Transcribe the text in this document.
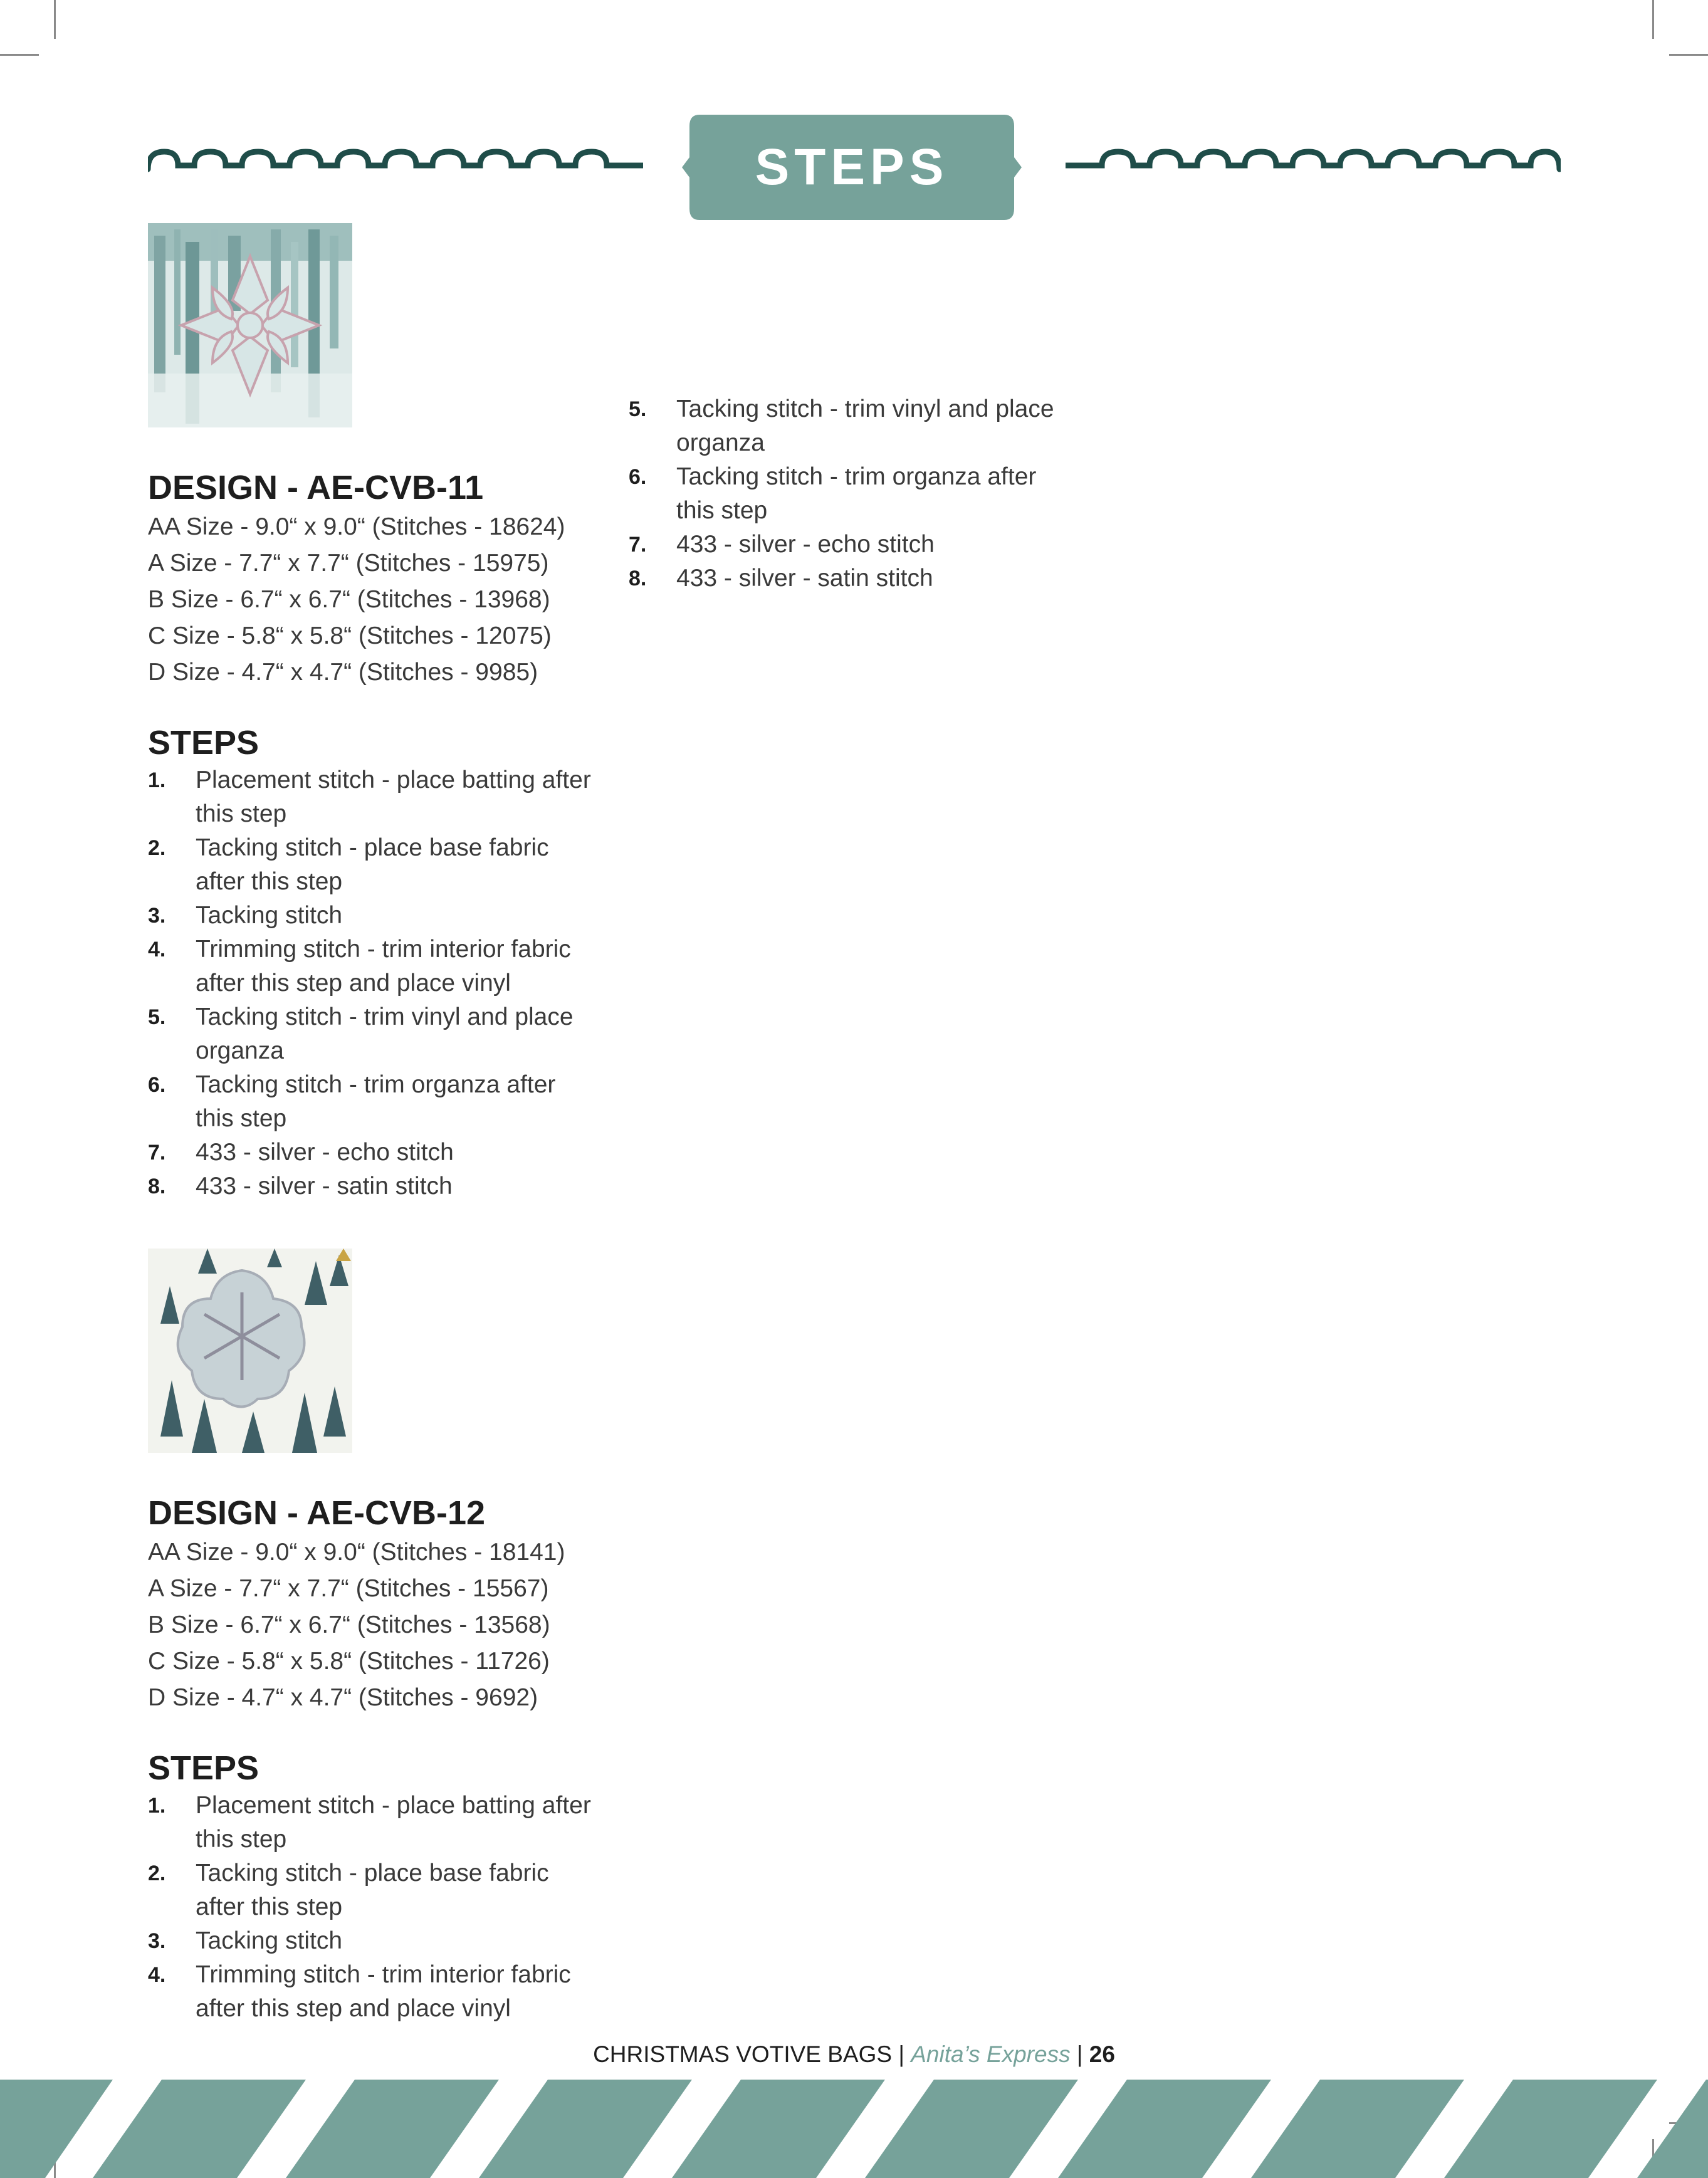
STEPS
DESIGN - AE-CVB-11

AA Size - 9.0“ x 9.0“ (Stitches - 18624)

A Size - 7.7“ x 7.7“ (Stitches - 15975)

B Size - 6.7“ x 6.7“ (Stitches - 13968)

C Size - 5.8“ x 5.8“ (Stitches - 12075)

D Size - 4.7“ x 4.7“ (Stitches - 9985)

STEPS
1. Placement stitch - place batting after this step
2. Tacking stitch - place base fabric after this step
3. Tacking stitch
4. Trimming stitch - trim interior fabric after this step and place vinyl
5. Tacking stitch - trim vinyl and place organza
6. Tacking stitch - trim organza after this step
7. 433 - silver - echo stitch
8. 433 - silver - satin stitch
DESIGN - AE-CVB-12

AA Size - 9.0“ x 9.0“ (Stitches - 18141)

A Size - 7.7“ x 7.7“ (Stitches - 15567)

B Size - 6.7“ x 6.7“ (Stitches - 13568)

C Size - 5.8“ x 5.8“ (Stitches - 11726)

D Size - 4.7“ x 4.7“ (Stitches - 9692)

STEPS
1. Placement stitch - place batting after this step
2. Tacking stitch - place base fabric after this step
3. Tacking stitch
4. Trimming stitch - trim interior fabric after this step and place vinyl
5. Tacking stitch - trim vinyl and place organza
6. Tacking stitch - trim organza after this step
7. 433 - silver - echo stitch
8. 433 - silver - satin stitch
CHRISTMAS VOTIVE BAGS | Anita’s Express | 26
